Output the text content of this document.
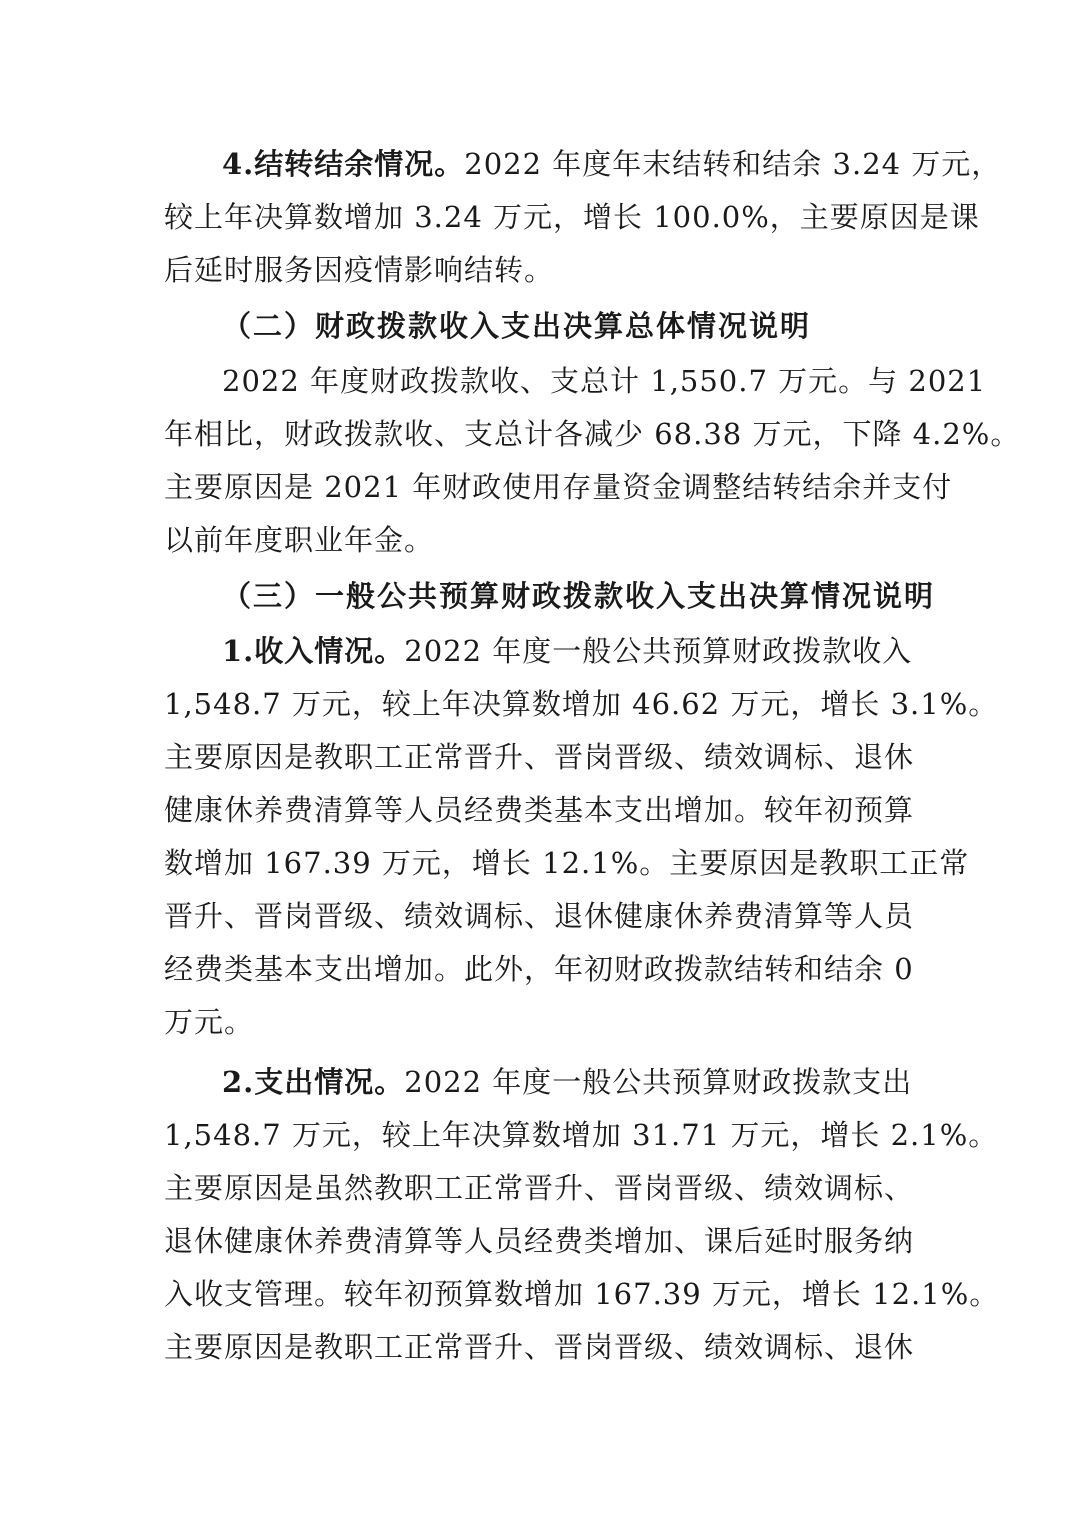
4.结转结余情况。2022 年度年末结转和结余 3.24 万元，
较上年决算数增加 3.24 万元，增长 100.0%，主要原因是课
后延时服务因疫情影响结转。
（二）财政拨款收入支出决算总体情况说明
2022 年度财政拨款收、支总计 1,550.7 万元。与 2021
年相比，财政拨款收、支总计各减少 68.38 万元，下降 4.2%。
主要原因是 2021 年财政使用存量资金调整结转结余并支付
以前年度职业年金。
（三）一般公共预算财政拨款收入支出决算情况说明
1.收入情况。2022 年度一般公共预算财政拨款收入
1,548.7 万元，较上年决算数增加 46.62 万元，增长 3.1%。
主要原因是教职工正常晋升、晋岗晋级、绩效调标、退休
健康休养费清算等人员经费类基本支出增加。较年初预算
数增加 167.39 万元，增长 12.1%。主要原因是教职工正常
晋升、晋岗晋级、绩效调标、退休健康休养费清算等人员
经费类基本支出增加。此外，年初财政拨款结转和结余 0
万元。
2.支出情况。2022 年度一般公共预算财政拨款支出
1,548.7 万元，较上年决算数增加 31.71 万元，增长 2.1%。
主要原因是虽然教职工正常晋升、晋岗晋级、绩效调标、
退休健康休养费清算等人员经费类增加、课后延时服务纳
入收支管理。较年初预算数增加 167.39 万元，增长 12.1%。
主要原因是教职工正常晋升、晋岗晋级、绩效调标、退休
